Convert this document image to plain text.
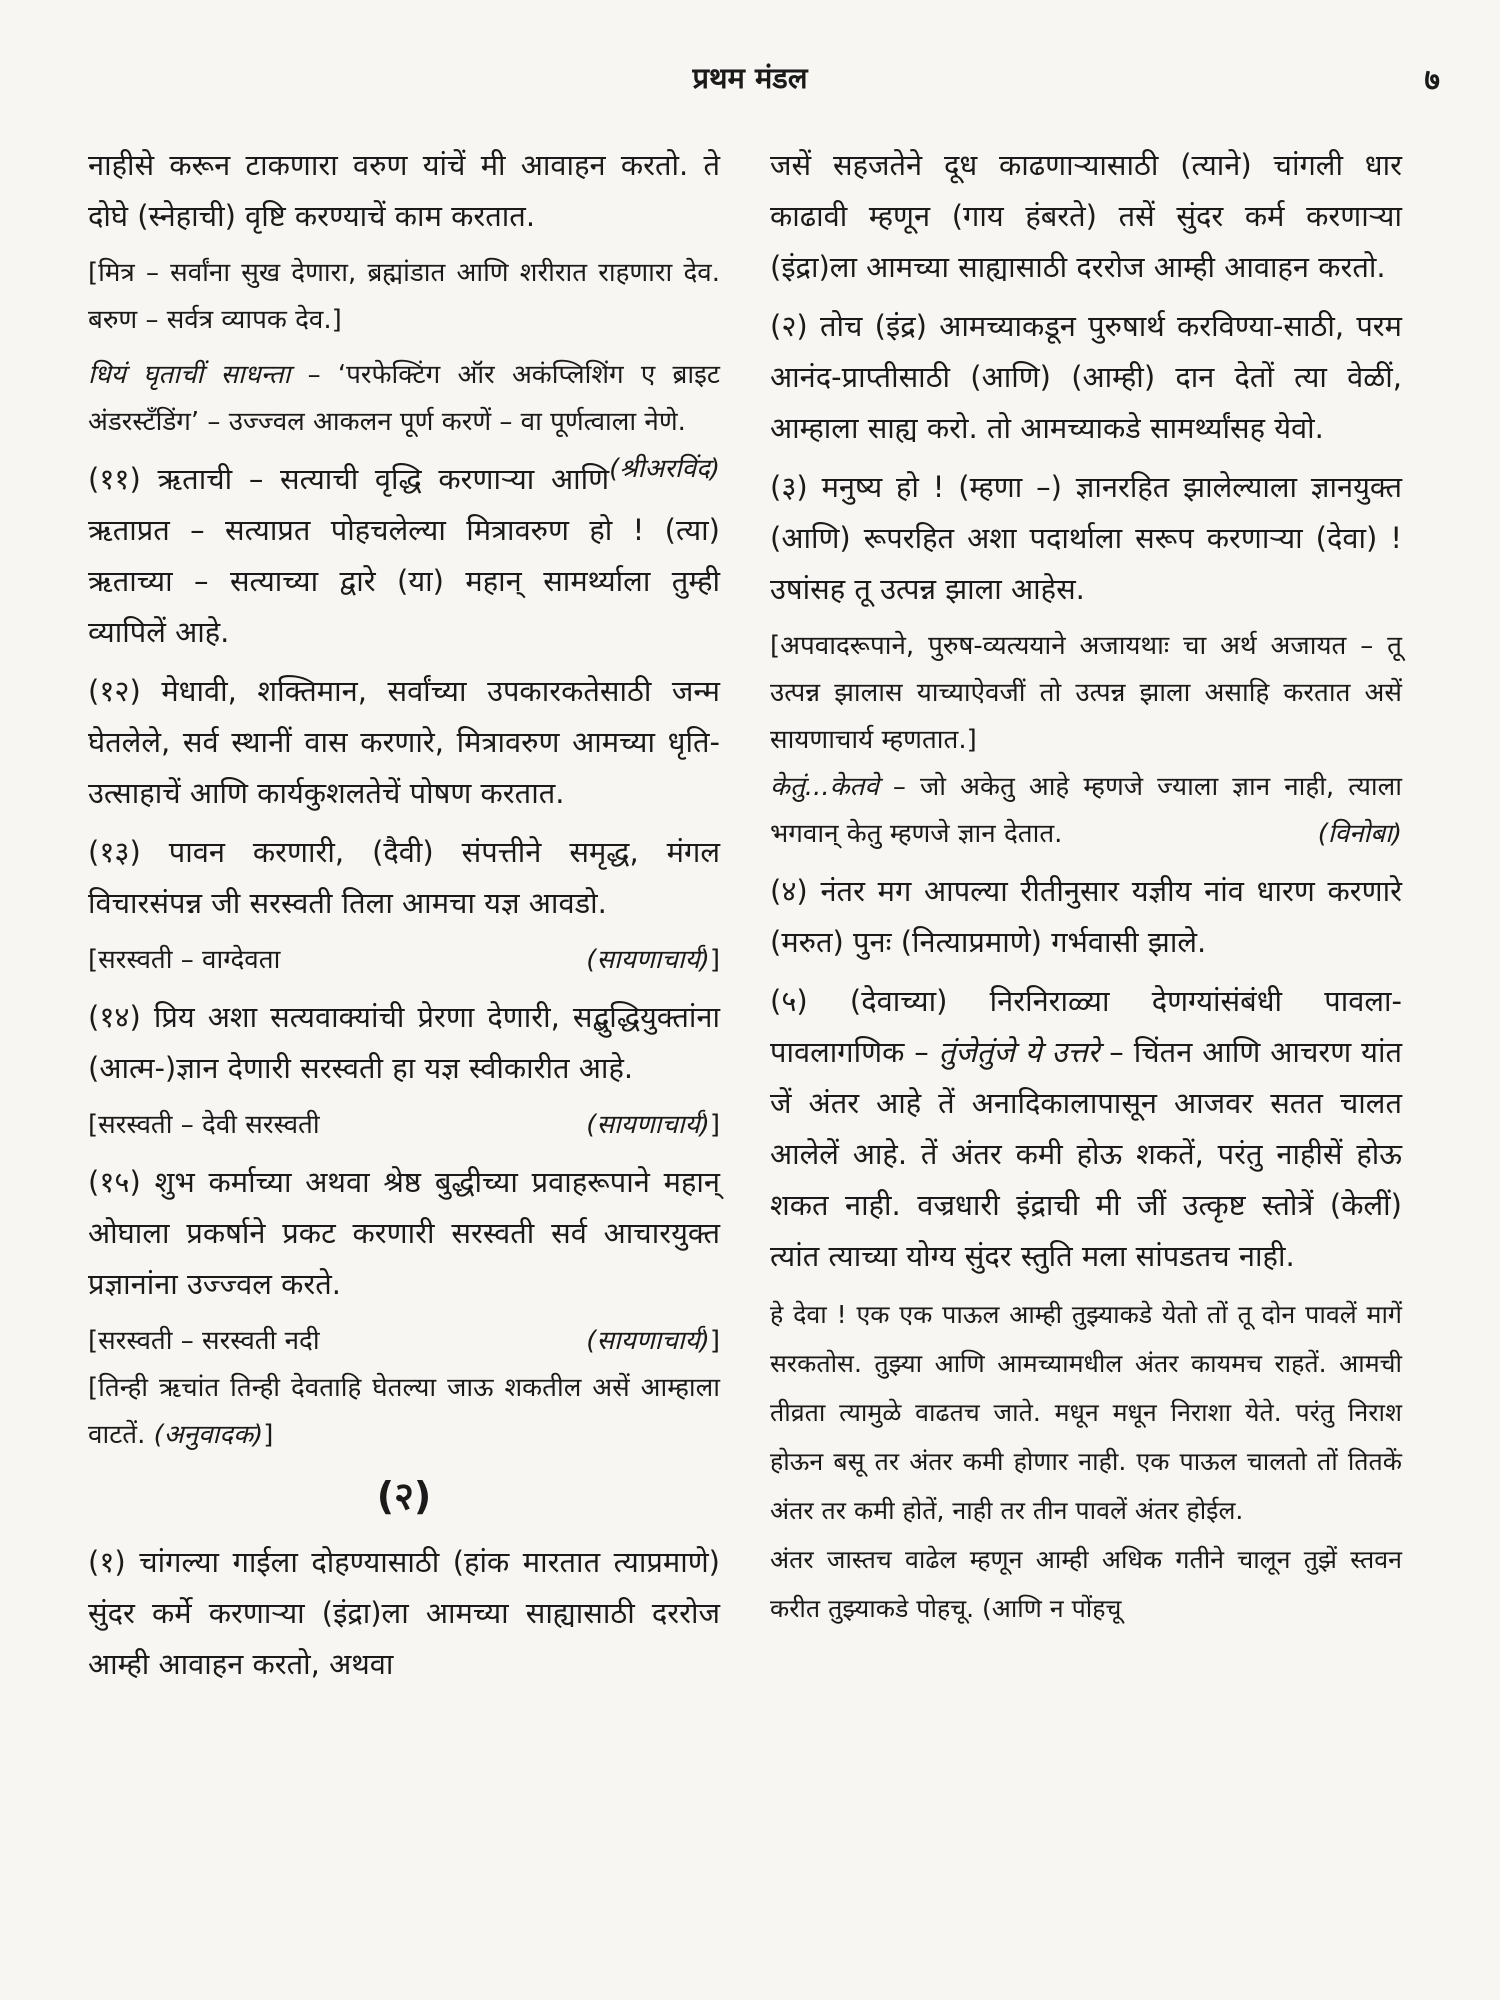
प्रथम मंडल	७

नाहीसे करून टाकणारा वरुण यांचें मी आवाहन करतो. ते दोघे (स्नेहाची) वृष्टि करण्याचें काम करतात.

[मित्र – सर्वांना सुख देणारा, ब्रह्मांडात आणि शरीरात राहणारा देव. बरुण – सर्वत्र व्यापक देव.]

धियं घृताचीं साधन्ता – ‘परफेक्टिंग ऑर अकंप्लिशिंग ए ब्राइट अंडरस्टॅंडिंग’ – उज्ज्वल आकलन पूर्ण करणें – वा पूर्णत्वाला नेणे.
(श्रीअरविंद)

(११) ऋताची – सत्याची वृद्धि करणाऱ्या आणि ऋताप्रत – सत्याप्रत पोहचलेल्या मित्रावरुण हो ! (त्या) ऋताच्या – सत्याच्या द्वारे (या) महान् सामर्थ्याला तुम्ही व्यापिलें आहे.

(१२) मेधावी, शक्तिमान, सर्वांच्या उपकारकतेसाठी जन्म घेतलेले, सर्व स्थानीं वास करणारे, मित्रावरुण आमच्या धृति-उत्साहाचें आणि कार्यकुशलतेचें पोषण करतात.

(१३) पावन करणारी, (दैवी) संपत्तीने समृद्ध, मंगल विचारसंपन्न जी सरस्वती तिला आमचा यज्ञ आवडो.

[सरस्वती – वाग्देवता	(सायणाचार्य)]

(१४) प्रिय अशा सत्यवाक्यांची प्रेरणा देणारी, सद्बुद्धियुक्तांना (आत्म-)ज्ञान देणारी सरस्वती हा यज्ञ स्वीकारीत आहे.

[सरस्वती – देवी सरस्वती	(सायणाचार्य)]

(१५) शुभ कर्माच्या अथवा श्रेष्ठ बुद्धीच्या प्रवाहरूपाने महान् ओघाला प्रकर्षाने प्रकट करणारी सरस्वती सर्व आचारयुक्त प्रज्ञानांना उज्ज्वल करते.

[सरस्वती – सरस्वती नदी	(सायणाचार्य)]

[तिन्ही ऋचांत तिन्ही देवताहि घेतल्या जाऊ शकतील असें आम्हाला वाटतें. (अनुवादक)]

(२)

(१) चांगल्या गाईला दोहण्यासाठी (हांक मारतात त्याप्रमाणे) सुंदर कर्मे करणाऱ्या (इंद्रा)ला आमच्या साह्यासाठी दररोज आम्ही आवाहन करतो, अथवा

जसें सहजतेने दूध काढणाऱ्यासाठी (त्याने) चांगली धार काढावी म्हणून (गाय हंबरते) तसें सुंदर कर्म करणाऱ्या (इंद्रा)ला आमच्या साह्यासाठी दररोज आम्ही आवाहन करतो.

(२) तोच (इंद्र) आमच्याकडून पुरुषार्थ करविण्या-साठी, परम आनंद-प्राप्तीसाठी (आणि) (आम्ही) दान देतों त्या वेळीं, आम्हाला साह्य करो. तो आमच्याकडे सामर्थ्यांसह येवो.

(३) मनुष्य हो ! (म्हणा –) ज्ञानरहित झालेल्याला ज्ञानयुक्त (आणि) रूपरहित अशा पदार्थाला सरूप करणाऱ्या (देवा) ! उषांसह तू उत्पन्न झाला आहेस.

[अपवादरूपाने, पुरुष-व्यत्ययाने अजायथाः चा अर्थ अजायत – तू उत्पन्न झालास याच्याऐवजीं तो उत्पन्न झाला असाहि करतात असें सायणाचार्य म्हणतात.]

केतुं...केतवे – जो अकेतु आहे म्हणजे ज्याला ज्ञान नाही, त्याला भगवान् केतु म्हणजे ज्ञान देतात.	(विनोबा)

(४) नंतर मग आपल्या रीतीनुसार यज्ञीय नांव धारण करणारे (मरुत) पुनः (नित्याप्रमाणे) गर्भवासी झाले.

(५) (देवाच्या) निरनिराळ्या देणग्यांसंबंधी पावला-पावलागणिक – तुंजेतुंजे ये उत्तरे – चिंतन आणि आचरण यांत जें अंतर आहे तें अनादिकालापासून आजवर सतत चालत आलेलें आहे. तें अंतर कमी होऊ शकतें, परंतु नाहीसें होऊ शकत नाही. वज्रधारी इंद्राची मी जीं उत्कृष्ट स्तोत्रें (केलीं) त्यांत त्याच्या योग्य सुंदर स्तुति मला सांपडतच नाही.

हे देवा ! एक एक पाऊल आम्ही तुझ्याकडे येतो तों तू दोन पावलें मागें सरकतोस. तुझ्या आणि आमच्यामधील अंतर कायमच राहतें. आमची तीव्रता त्यामुळे वाढतच जाते. मधून मधून निराशा येते. परंतु निराश होऊन बसू तर अंतर कमी होणार नाही. एक पाऊल चालतो तों तितकें अंतर तर कमी होतें, नाही तर तीन पावलें अंतर होईल.

अंतर जास्तच वाढेल म्हणून आम्ही अधिक गतीने चालून तुझें स्तवन करीत तुझ्याकडे पोहचू. (आणि न पोंहचू
